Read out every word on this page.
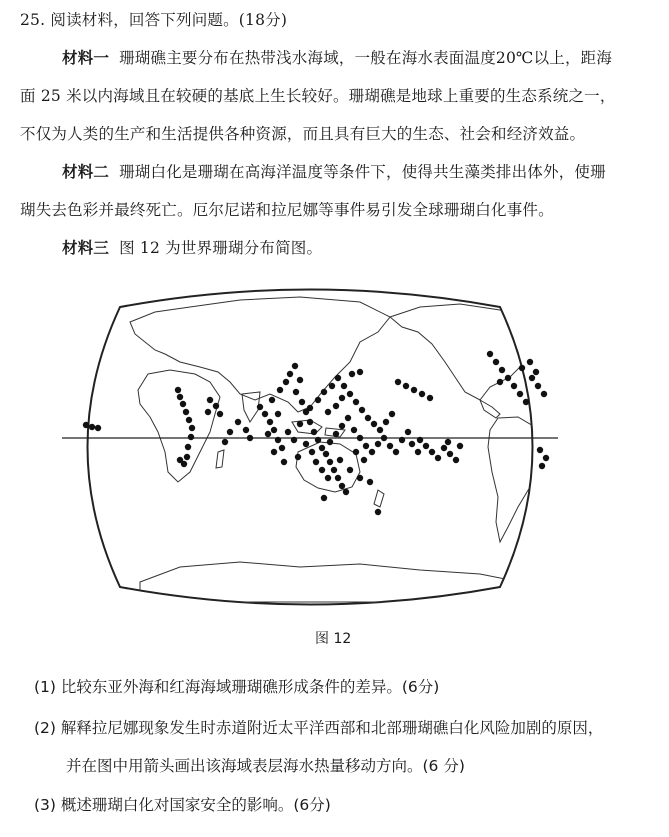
25. 阅读材料，回答下列问题。(18分)
材料一 珊瑚礁主要分布在热带浅水海域，一般在海水表面温度20℃以上，距海
面 25 米以内海域且在较硬的基底上生长较好。珊瑚礁是地球上重要的生态系统之一，
不仅为人类的生产和生活提供各种资源，而且具有巨大的生态、社会和经济效益。
材料二 珊瑚白化是珊瑚在高海洋温度等条件下，使得共生藻类排出体外，使珊
瑚失去色彩并最终死亡。厄尔尼诺和拉尼娜等事件易引发全球珊瑚白化事件。
材料三 图 12 为世界珊瑚分布简图。
图 12
(1) 比较东亚外海和红海海域珊瑚礁形成条件的差异。(6分)
(2) 解释拉尼娜现象发生时赤道附近太平洋西部和北部珊瑚礁白化风险加剧的原因，
并在图中用箭头画出该海域表层海水热量移动方向。(6 分)
(3) 概述珊瑚白化对国家安全的影响。(6分)
